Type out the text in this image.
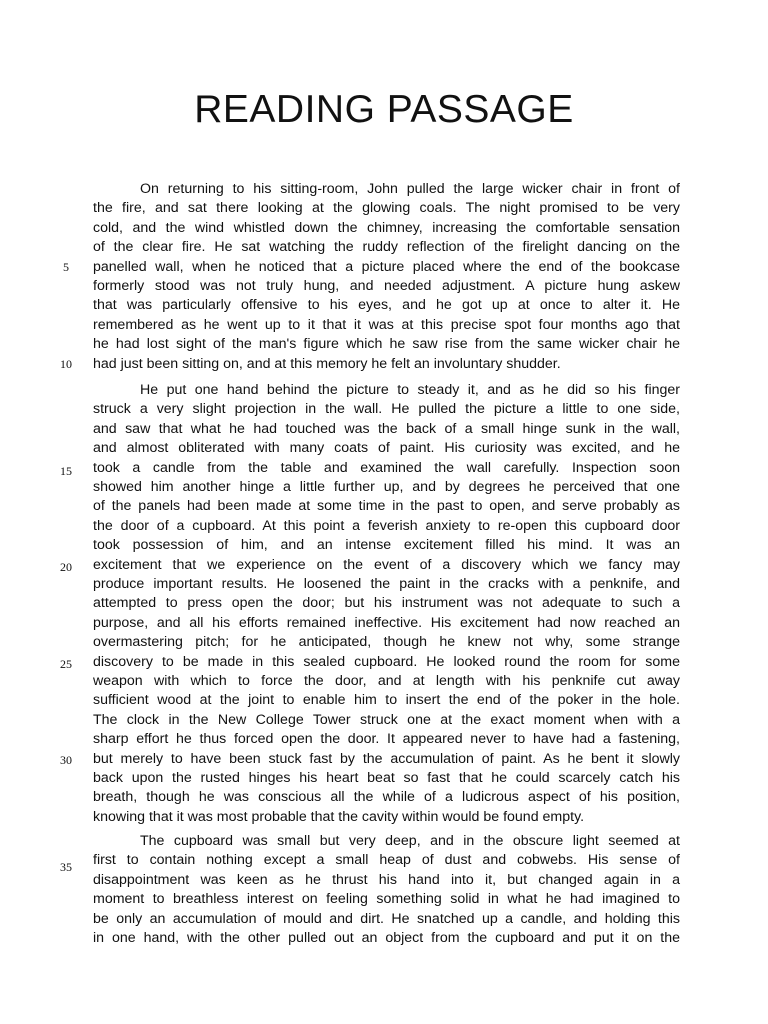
READING PASSAGE
On returning to his sitting-room, John pulled the large wicker chair in front of
the fire, and sat there looking at the glowing coals. The night promised to be very
cold, and the wind whistled down the chimney, increasing the comfortable sensation
of the clear fire. He sat watching the ruddy reflection of the firelight dancing on the
panelled wall, when he noticed that a picture placed where the end of the bookcase
formerly stood was not truly hung, and needed adjustment. A picture hung askew
that was particularly offensive to his eyes, and he got up at once to alter it. He
remembered as he went up to it that it was at this precise spot four months ago that
he had lost sight of the man's figure which he saw rise from the same wicker chair he
had just been sitting on, and at this memory he felt an involuntary shudder.
He put one hand behind the picture to steady it, and as he did so his finger
struck a very slight projection in the wall. He pulled the picture a little to one side,
and saw that what he had touched was the back of a small hinge sunk in the wall,
and almost obliterated with many coats of paint. His curiosity was excited, and he
took a candle from the table and examined the wall carefully. Inspection soon
showed him another hinge a little further up, and by degrees he perceived that one
of the panels had been made at some time in the past to open, and serve probably as
the door of a cupboard. At this point a feverish anxiety to re-open this cupboard door
took possession of him, and an intense excitement filled his mind. It was an
excitement that we experience on the event of a discovery which we fancy may
produce important results. He loosened the paint in the cracks with a penknife, and
attempted to press open the door; but his instrument was not adequate to such a
purpose, and all his efforts remained ineffective. His excitement had now reached an
overmastering pitch; for he anticipated, though he knew not why, some strange
discovery to be made in this sealed cupboard. He looked round the room for some
weapon with which to force the door, and at length with his penknife cut away
sufficient wood at the joint to enable him to insert the end of the poker in the hole.
The clock in the New College Tower struck one at the exact moment when with a
sharp effort he thus forced open the door. It appeared never to have had a fastening,
but merely to have been stuck fast by the accumulation of paint. As he bent it slowly
back upon the rusted hinges his heart beat so fast that he could scarcely catch his
breath, though he was conscious all the while of a ludicrous aspect of his position,
knowing that it was most probable that the cavity within would be found empty.
The cupboard was small but very deep, and in the obscure light seemed at
first to contain nothing except a small heap of dust and cobwebs. His sense of
disappointment was keen as he thrust his hand into it, but changed again in a
moment to breathless interest on feeling something solid in what he had imagined to
be only an accumulation of mould and dirt. He snatched up a candle, and holding this
in one hand, with the other pulled out an object from the cupboard and put it on the
5
10
15
20
25
30
35
